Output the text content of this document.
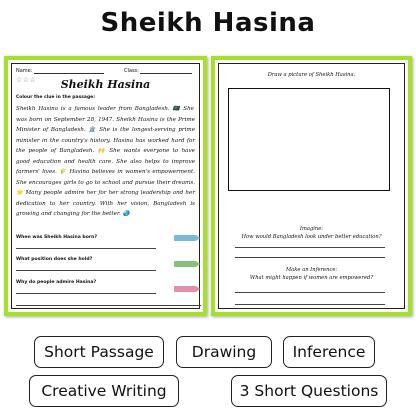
Sheikh Hasina
Name:	Class:
☆☆☆	Sheikh Hasina
Colour the clue in the passage:
Sheikh Hasina is a famous leader from Bangladesh. 🇧🇩 She was born on September 28, 1947. Sheikh Hasina is the Prime Minister of Bangladesh. 🏛️ She is the longest-serving prime minister in the country's history. Hasina has worked hard for the people of Bangladesh. 🙌 She wants everyone to have good education and health care. She also helps to improve farmers' lives. 🌾 Hasina believes in women's empowerment. She encourages girls to go to school and pursue their dreams. 🌟 Many people admire her for her strong leadership and her dedication to her country. With her vision, Bangladesh is growing and changing for the better. 🌏
When was Sheikh Hasina born?
What position does she hold?
Why do people admire Hasina?
Draw a picture of Sheikh Hasina.
Imagine:
How would Bangladesh look under better education?
Make an Inference:
What might happen if women are empowered?
Short Passage	Drawing	Inference
Creative Writing	3 Short Questions
